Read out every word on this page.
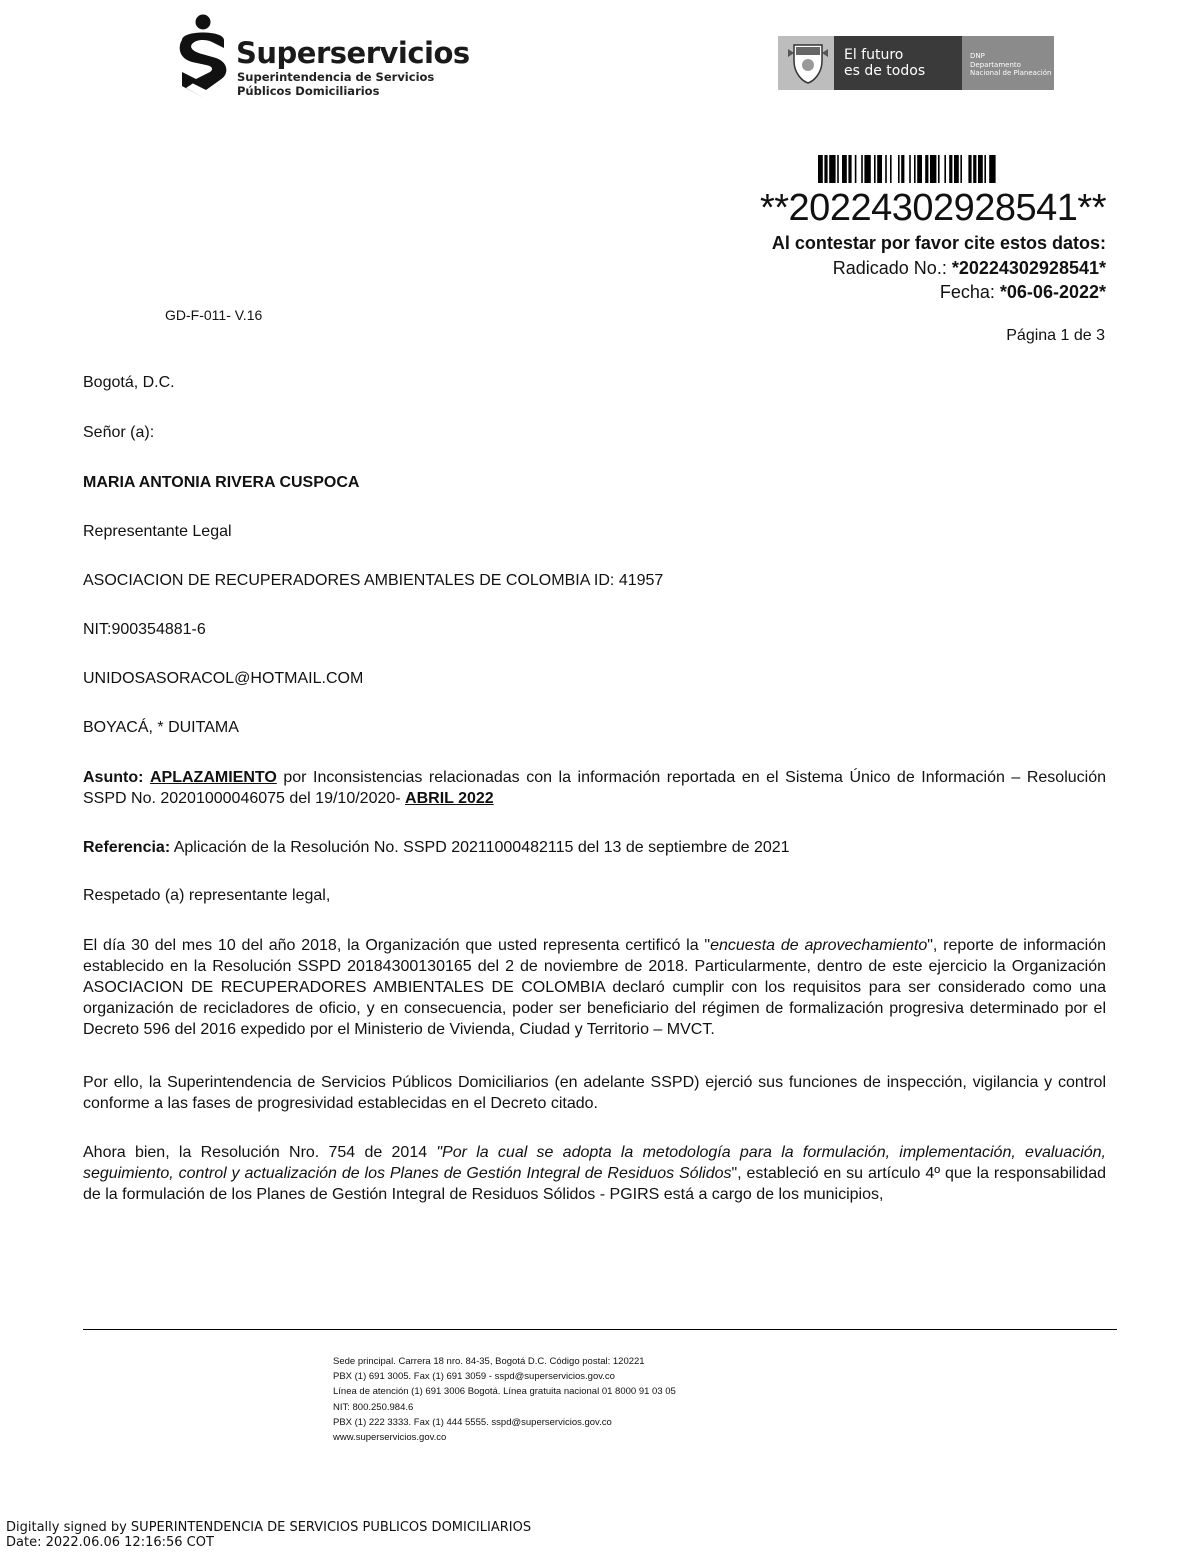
Superservicios
Superintendencia de Servicios
Públicos Domiciliarios
El futuro
es de todos
DNP
Departamento
Nacional de Planeación
**20224302928541**
Al contestar por favor cite estos datos:
Radicado No.: *20224302928541*
Fecha: *06-06-2022*
GD-F-011- V.16
Página 1 de 3
Bogotá, D.C.
Señor (a):
MARIA ANTONIA RIVERA CUSPOCA
Representante Legal
ASOCIACION DE RECUPERADORES AMBIENTALES DE COLOMBIA ID: 41957
NIT:900354881-6
UNIDOSASORACOL@HOTMAIL.COM
BOYACÁ, * DUITAMA
Asunto: APLAZAMIENTO por Inconsistencias relacionadas con la información reportada en el Sistema Único de Información – Resolución SSPD No. 20201000046075 del 19/10/2020- ABRIL 2022
Referencia: Aplicación de la Resolución No. SSPD 20211000482115 del 13 de septiembre de 2021
Respetado (a) representante legal,
El día 30 del mes 10 del año 2018, la Organización que usted representa certificó la "encuesta de aprovechamiento", reporte de información establecido en la Resolución SSPD 20184300130165 del 2 de noviembre de 2018. Particularmente, dentro de este ejercicio la Organización ASOCIACION DE RECUPERADORES AMBIENTALES DE COLOMBIA declaró cumplir con los requisitos para ser considerado como una organización de recicladores de oficio, y en consecuencia, poder ser beneficiario del régimen de formalización progresiva determinado por el Decreto 596 del 2016 expedido por el Ministerio de Vivienda, Ciudad y Territorio – MVCT.
Por ello, la Superintendencia de Servicios Públicos Domiciliarios (en adelante SSPD) ejerció sus funciones de inspección, vigilancia y control conforme a las fases de progresividad establecidas en el Decreto citado.
Ahora bien, la Resolución Nro. 754 de 2014 "Por la cual se adopta la metodología para la formulación, implementación, evaluación, seguimiento, control y actualización de los Planes de Gestión Integral de Residuos Sólidos", estableció en su artículo 4º que la responsabilidad de la formulación de los Planes de Gestión Integral de Residuos Sólidos - PGIRS está a cargo de los municipios,
Sede principal. Carrera 18 nro. 84-35, Bogotá D.C. Código postal: 120221
PBX (1) 691 3005. Fax (1) 691 3059 - sspd@superservicios.gov.co
Línea de atención (1) 691 3006 Bogotá. Línea gratuita nacional 01 8000 91 03 05
NIT: 800.250.984.6
PBX (1) 222 3333. Fax (1) 444 5555. sspd@superservicios.gov.co
www.superservicios.gov.co
Digitally signed by SUPERINTENDENCIA DE SERVICIOS PUBLICOS DOMICILIARIOS
Date: 2022.06.06 12:16:56 COT
